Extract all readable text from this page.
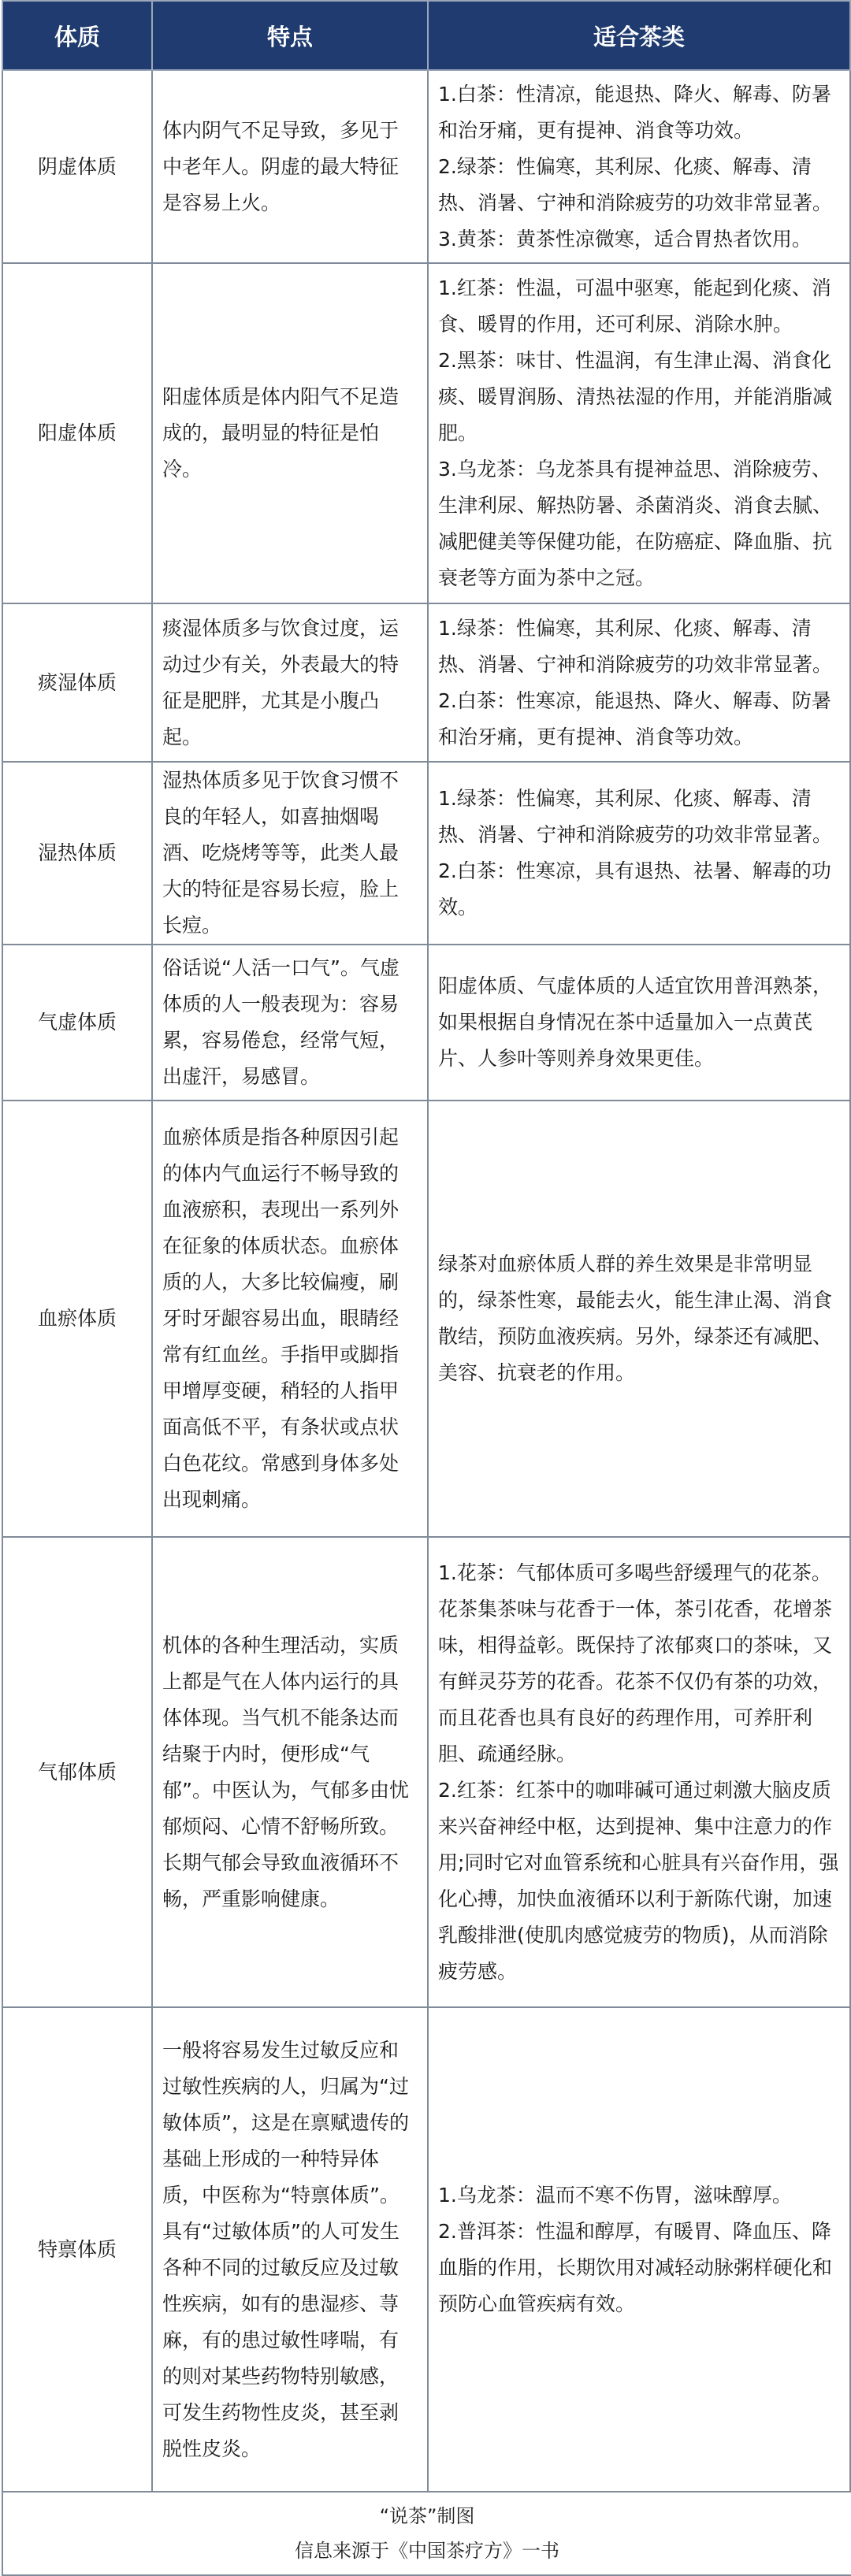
体质	特点	适合茶类
阴虚体质	体内阴气不足导致，多见于中老年人。阴虚的最大特征是容易上火。	1.白茶：性清凉，能退热、降火、解毒、防暑和治牙痛，更有提神、消食等功效。

2.绿茶：性偏寒，其利尿、化痰、解毒、清热、消暑、宁神和消除疲劳的功效非常显著。

3.黄茶：黄茶性凉微寒，适合胃热者饮用。

阳虚体质	阳虚体质是体内阳气不足造成的，最明显的特征是怕冷。	1.红茶：性温，可温中驱寒，能起到化痰、消食、暖胃的作用，还可利尿、消除水肿。

2.黑茶：味甘、性温润，有生津止渴、消食化痰、暖胃润肠、清热祛湿的作用，并能消脂减肥。

3.乌龙茶：乌龙茶具有提神益思、消除疲劳、生津利尿、解热防暑、杀菌消炎、消食去腻、减肥健美等保健功能，在防癌症、降血脂、抗衰老等方面为茶中之冠。

痰湿体质	痰湿体质多与饮食过度，运动过少有关，外表最大的特征是肥胖，尤其是小腹凸起。	1.绿茶：性偏寒，其利尿、化痰、解毒、清热、消暑、宁神和消除疲劳的功效非常显著。

2.白茶：性寒凉，能退热、降火、解毒、防暑和治牙痛，更有提神、消食等功效。

湿热体质	湿热体质多见于饮食习惯不良的年轻人，如喜抽烟喝酒、吃烧烤等等，此类人最大的特征是容易长痘，脸上长痘。	1.绿茶：性偏寒，其利尿、化痰、解毒、清热、消暑、宁神和消除疲劳的功效非常显著。

2.白茶：性寒凉，具有退热、祛暑、解毒的功效。

气虚体质	俗话说“人活一口气”。气虚体质的人一般表现为：容易累，容易倦怠，经常气短，出虚汗，易感冒。	阳虚体质、气虚体质的人适宜饮用普洱熟茶，如果根据自身情况在茶中适量加入一点黄芪片、人参叶等则养身效果更佳。

血瘀体质	血瘀体质是指各种原因引起的体内气血运行不畅导致的血液瘀积，表现出一系列外在征象的体质状态。血瘀体质的人，大多比较偏瘦，刷牙时牙龈容易出血，眼睛经常有红血丝。手指甲或脚指甲增厚变硬，稍轻的人指甲面高低不平，有条状或点状白色花纹。常感到身体多处出现刺痛。	绿茶对血瘀体质人群的养生效果是非常明显的，绿茶性寒，最能去火，能生津止渴、消食散结，预防血液疾病。另外，绿茶还有减肥、美容、抗衰老的作用。

气郁体质	机体的各种生理活动，实质上都是气在人体内运行的具体体现。当气机不能条达而结聚于内时，便形成“气郁”。中医认为，气郁多由忧郁烦闷、心情不舒畅所致。长期气郁会导致血液循环不畅，严重影响健康。	1.花茶：气郁体质可多喝些舒缓理气的花茶。花茶集茶味与花香于一体，茶引花香，花增茶味，相得益彰。既保持了浓郁爽口的茶味，又有鲜灵芬芳的花香。花茶不仅仍有茶的功效，而且花香也具有良好的药理作用，可养肝利胆、疏通经脉。

2.红茶：红茶中的咖啡碱可通过刺激大脑皮质来兴奋神经中枢，达到提神、集中注意力的作用;同时它对血管系统和心脏具有兴奋作用，强化心搏，加快血液循环以利于新陈代谢，加速乳酸排泄(使肌肉感觉疲劳的物质)，从而消除疲劳感。

特禀体质	一般将容易发生过敏反应和过敏性疾病的人，归属为“过敏体质”，这是在禀赋遗传的基础上形成的一种特异体质，中医称为“特禀体质”。具有“过敏体质”的人可发生各种不同的过敏反应及过敏性疾病，如有的患湿疹、荨麻，有的患过敏性哮喘，有的则对某些药物特别敏感，可发生药物性皮炎，甚至剥脱性皮炎。	1.乌龙茶：温而不寒不伤胃，滋味醇厚。

2.普洱茶：性温和醇厚，有暖胃、降血压、降血脂的作用，长期饮用对减轻动脉粥样硬化和预防心血管疾病有效。

“说茶”制图
信息来源于《中国茶疗方》一书
